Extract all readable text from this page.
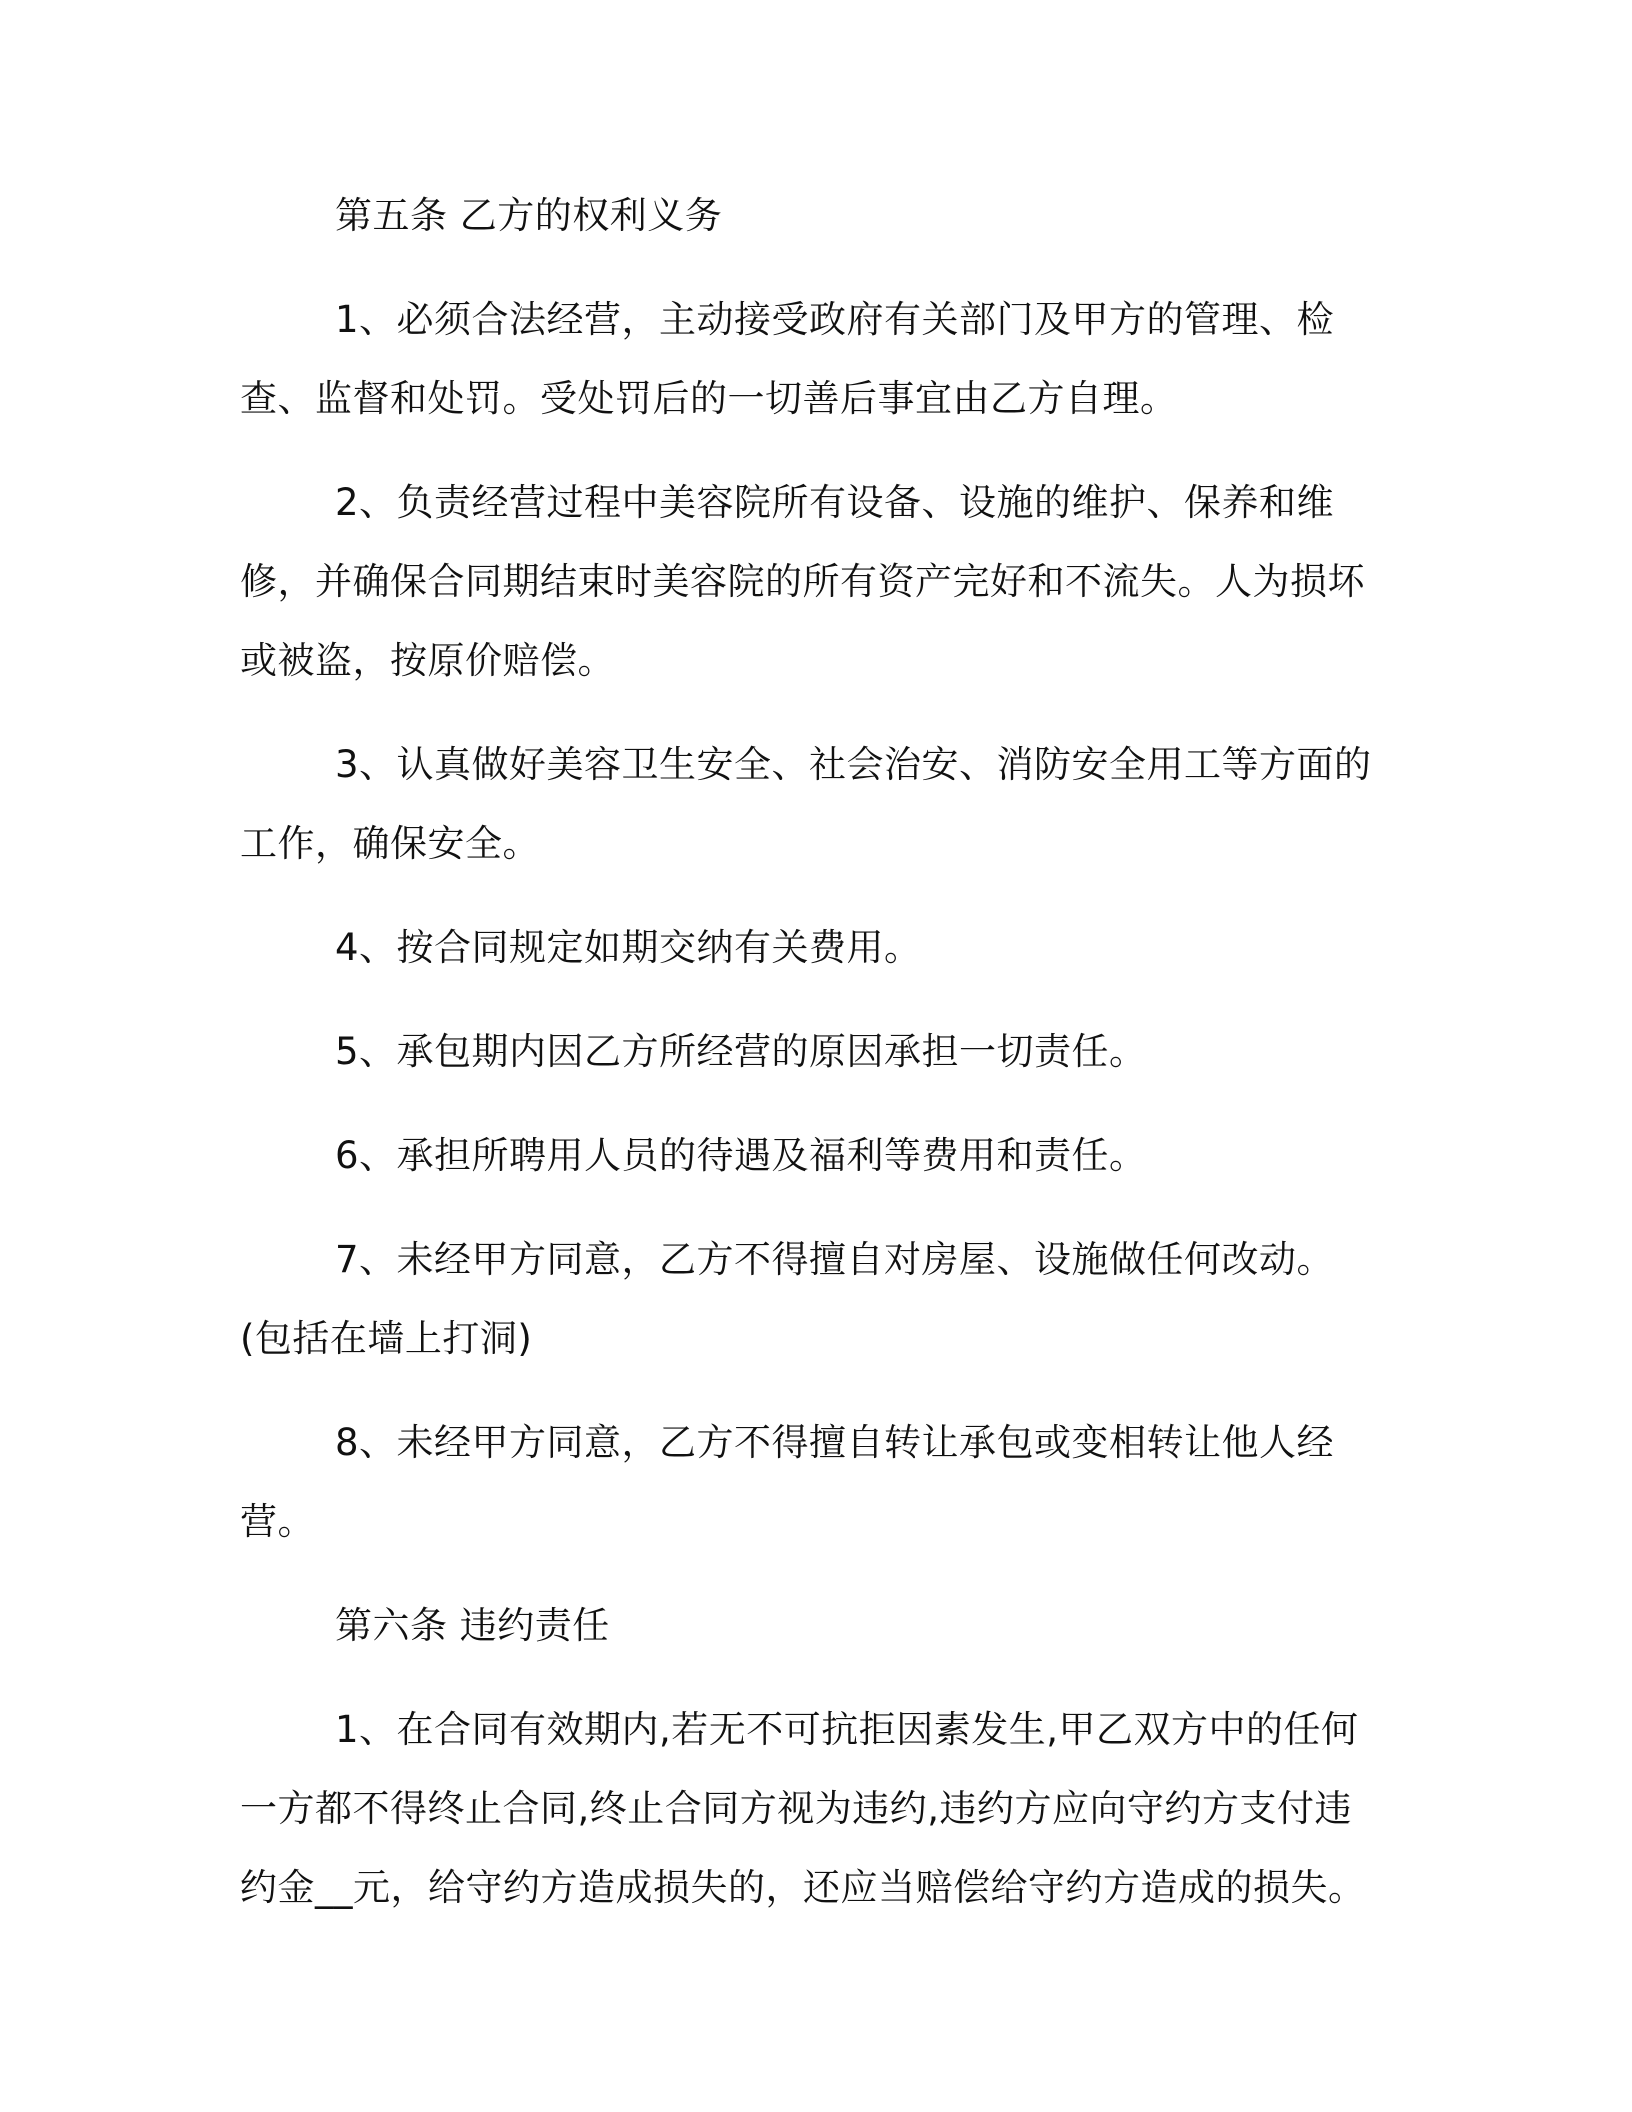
第五条 乙方的权利义务

1、必须合法经营，主动接受政府有关部门及甲方的管理、检查、监督和处罚。受处罚后的一切善后事宜由乙方自理。

2、负责经营过程中美容院所有设备、设施的维护、保养和维修，并确保合同期结束时美容院的所有资产完好和不流失。人为损坏或被盗，按原价赔偿。

3、认真做好美容卫生安全、社会治安、消防安全用工等方面的工作，确保安全。

4、按合同规定如期交纳有关费用。

5、承包期内因乙方所经营的原因承担一切责任。

6、承担所聘用人员的待遇及福利等费用和责任。

7、未经甲方同意，乙方不得擅自对房屋、设施做任何改动。(包括在墙上打洞)

8、未经甲方同意，乙方不得擅自转让承包或变相转让他人经营。

第六条 违约责任

1、在合同有效期内,若无不可抗拒因素发生,甲乙双方中的任何一方都不得终止合同,终止合同方视为违约,违约方应向守约方支付违约金__元，给守约方造成损失的，还应当赔偿给守约方造成的损失。
